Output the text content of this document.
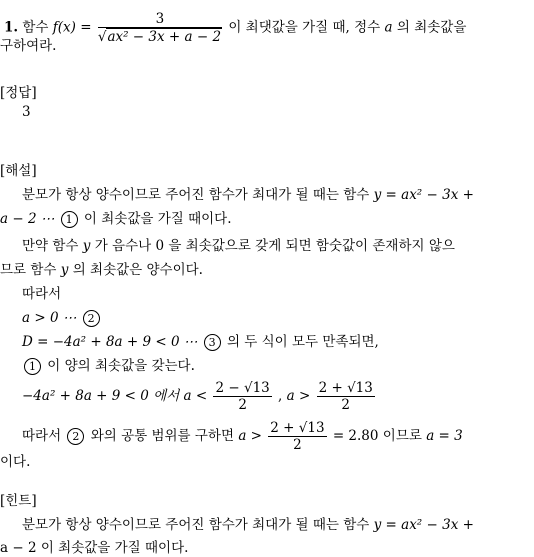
1. 함수 $f(x) = \frac{3}{\text{√ax² − 3x + a − 2}}$ 이 최댓값을 가질 때, 정수 a 의 최솟값을
구하여라.
[정답]
3
[해설]
분모가 항상 양수이므로 주어진 함수가 최대가 될 때는 함수 y = ax² − 3x +
a − 2 ⋯ 1 이 최솟값을 가질 때이다.
만약 함수 y 가 음수나 0 을 최솟값으로 갖게 되면 함숫값이 존재하지 않으
므로 함수 y 의 최솟값은 양수이다.
따라서
a > 0 ⋯ 2
D = −4a² + 8a + 9 < 0 ⋯ 3 의 두 식이 모두 만족되면,
1 이 양의 최솟값을 갖는다.
−4a² + 8a + 9 < 0 에서 $a < \frac{2 - √13}{2}$ , $a > \frac{2 + √13}{2}$
따라서 2 와의 공통 범위를 구하면 $a > \frac{2 + √13}{2} = 2.80$ 이므로 a = 3
이다.
[힌트]
분모가 항상 양수이므로 주어진 함수가 최대가 될 때는 함수 y = ax² − 3x +
a − 2 이 최솟값을 가질 때이다.
